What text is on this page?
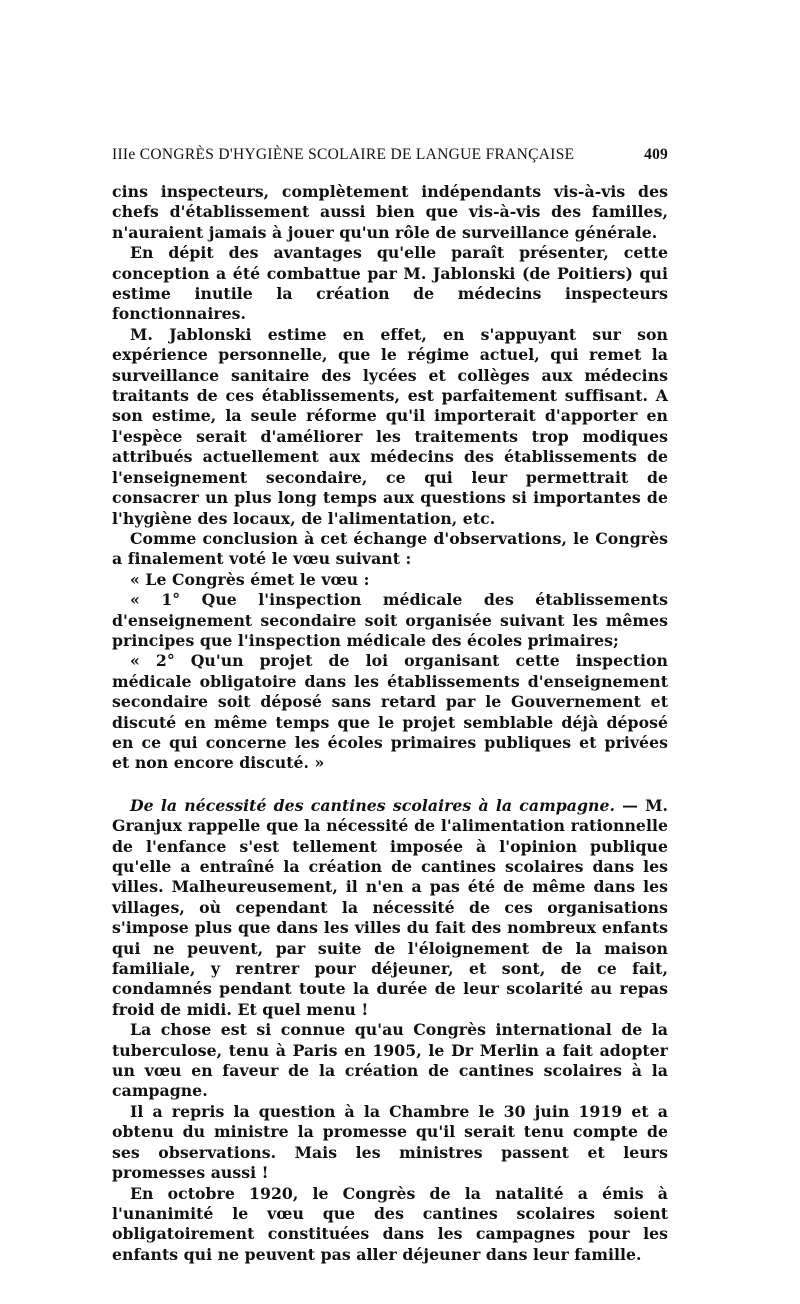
IIIe CONGRÈS D'HYGIÈNE SCOLAIRE DE LANGUE FRANÇAISE	409

cins inspecteurs, complètement indépendants vis-à-vis des chefs d'établissement aussi bien que vis-à-vis des familles, n'auraient jamais à jouer qu'un rôle de surveillance générale.

En dépit des avantages qu'elle paraît présenter, cette conception a été combattue par M. Jablonski (de Poitiers) qui estime inutile la création de médecins inspecteurs fonctionnaires.

M. Jablonski estime en effet, en s'appuyant sur son expérience personnelle, que le régime actuel, qui remet la surveillance sanitaire des lycées et collèges aux médecins traitants de ces établissements, est parfaitement suffisant. A son estime, la seule réforme qu'il importerait d'apporter en l'espèce serait d'améliorer les traitements trop modiques attribués actuellement aux médecins des établissements de l'enseignement secondaire, ce qui leur permettrait de consacrer un plus long temps aux questions si importantes de l'hygiène des locaux, de l'alimentation, etc.

Comme conclusion à cet échange d'observations, le Congrès a finalement voté le vœu suivant :

« Le Congrès émet le vœu :

« 1° Que l'inspection médicale des établissements d'enseignement secondaire soit organisée suivant les mêmes principes que l'inspection médicale des écoles primaires;

« 2° Qu'un projet de loi organisant cette inspection médicale obligatoire dans les établissements d'enseignement secondaire soit déposé sans retard par le Gouvernement et discuté en même temps que le projet semblable déjà déposé en ce qui concerne les écoles primaires publiques et privées et non encore discuté. »

De la nécessité des cantines scolaires à la campagne. — M. Granjux rappelle que la nécessité de l'alimentation rationnelle de l'enfance s'est tellement imposée à l'opinion publique qu'elle a entraîné la création de cantines scolaires dans les villes. Malheureusement, il n'en a pas été de même dans les villages, où cependant la nécessité de ces organisations s'impose plus que dans les villes du fait des nombreux enfants qui ne peuvent, par suite de l'éloignement de la maison familiale, y rentrer pour déjeuner, et sont, de ce fait, condamnés pendant toute la durée de leur scolarité au repas froid de midi. Et quel menu !

La chose est si connue qu'au Congrès international de la tuberculose, tenu à Paris en 1905, le Dr Merlin a fait adopter un vœu en faveur de la création de cantines scolaires à la campagne.

Il a repris la question à la Chambre le 30 juin 1919 et a obtenu du ministre la promesse qu'il serait tenu compte de ses observations. Mais les ministres passent et leurs promesses aussi !

En octobre 1920, le Congrès de la natalité a émis à l'unanimité le vœu que des cantines scolaires soient obligatoirement constituées dans les campagnes pour les enfants qui ne peuvent pas aller déjeuner dans leur famille.
